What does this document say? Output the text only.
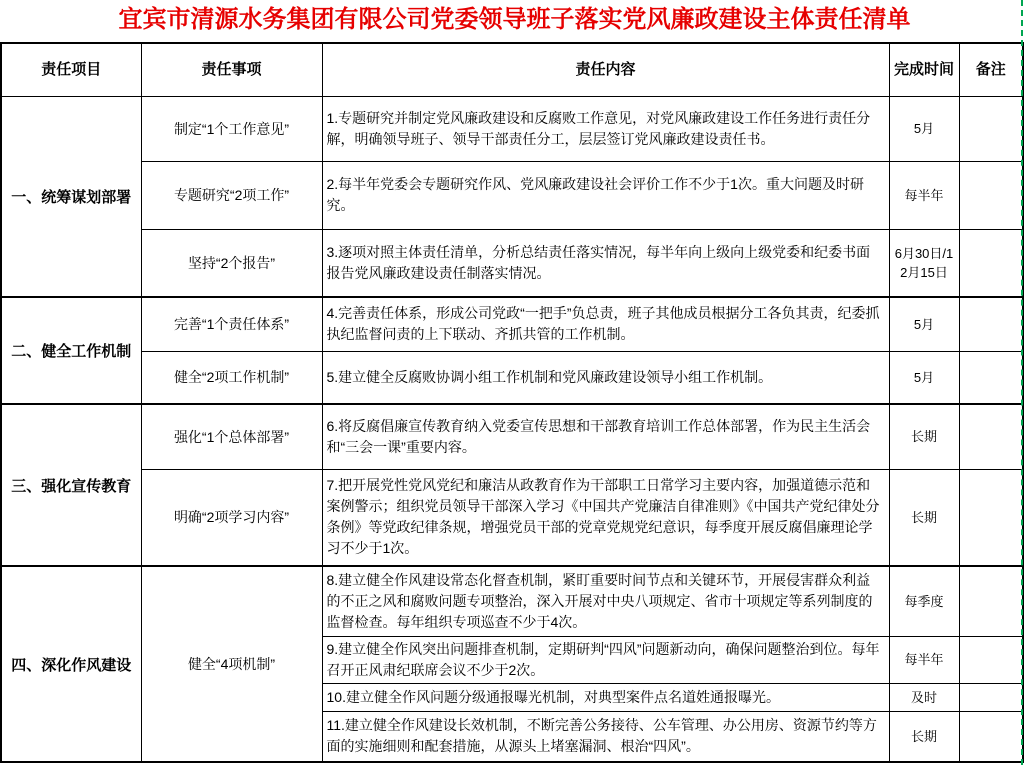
宜宾市清源水务集团有限公司党委领导班子落实党风廉政建设主体责任清单
责任项目	责任事项	责任内容	完成时间	备注
一、统筹谋划部署	制定“1个工作意见”	1.专题研究并制定党风廉政建设和反腐败工作意见，对党风廉政建设工作任务进行责任分解，明确领导班子、领导干部责任分工，层层签订党风廉政建设责任书。	5月	
	专题研究“2项工作”	2.每半年党委会专题研究作风、党风廉政建设社会评价工作不少于1次。重大问题及时研究。	每半年	
	坚持“2个报告”	3.逐项对照主体责任清单，分析总结责任落实情况，每半年向上级向上级党委和纪委书面报告党风廉政建设责任制落实情况。	6月30日/12月15日	
二、健全工作机制	完善“1个责任体系”	4.完善责任体系，形成公司党政“一把手”负总责，班子其他成员根据分工各负其责，纪委抓执纪监督问责的上下联动、齐抓共管的工作机制。	5月	
	健全“2项工作机制”	5.建立健全反腐败协调小组工作机制和党风廉政建设领导小组工作机制。	5月	
三、强化宣传教育	强化“1个总体部署”	6.将反腐倡廉宣传教育纳入党委宣传思想和干部教育培训工作总体部署，作为民主生活会和“三会一课”重要内容。	长期	
	明确“2项学习内容”	7.把开展党性党风党纪和廉洁从政教育作为干部职工日常学习主要内容，加强道德示范和案例警示；组织党员领导干部深入学习《中国共产党廉洁自律准则》《中国共产党纪律处分条例》等党政纪律条规，增强党员干部的党章党规党纪意识，每季度开展反腐倡廉理论学习不少于1次。	长期	
四、深化作风建设	健全“4项机制”	8.建立健全作风建设常态化督查机制，紧盯重要时间节点和关键环节，开展侵害群众利益的不正之风和腐败问题专项整治，深入开展对中央八项规定、省市十项规定等系列制度的监督检查。每年组织专项巡查不少于4次。	每季度	
		9.建立健全作风突出问题排查机制，定期研判“四风”问题新动向，确保问题整治到位。每年召开正风肃纪联席会议不少于2次。	每半年	
		10.建立健全作风问题分级通报曝光机制，对典型案件点名道姓通报曝光。	及时	
		11.建立健全作风建设长效机制，不断完善公务接待、公车管理、办公用房、资源节约等方面的实施细则和配套措施，从源头上堵塞漏洞、根治“四风”。	长期	
